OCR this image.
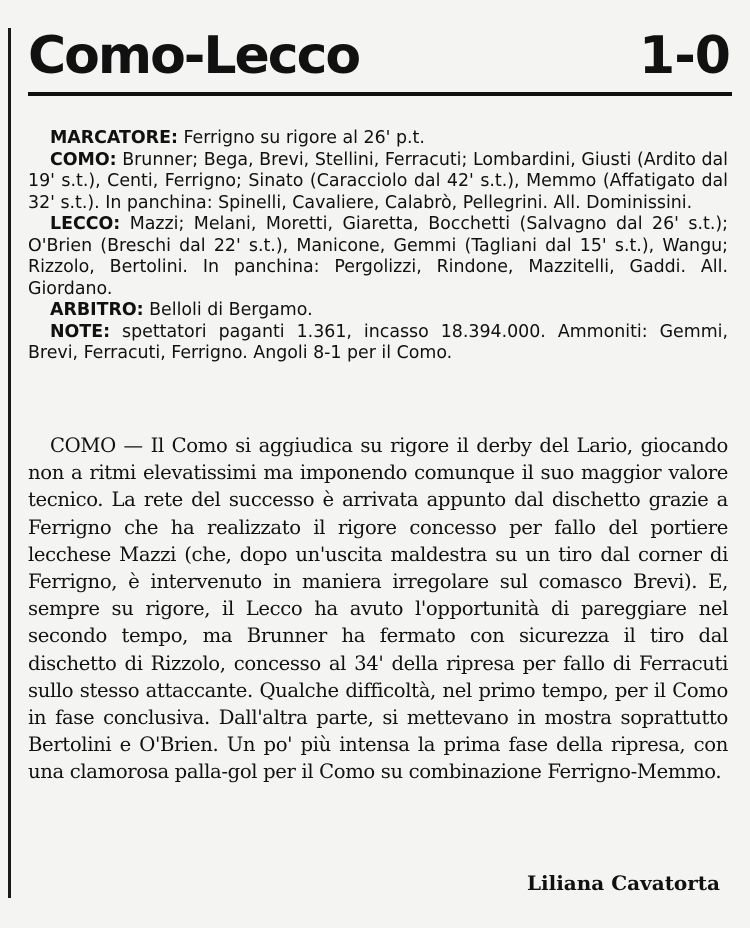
Como-Lecco	1-0

MARCATORE: Ferrigno su rigore al 26' p.t.

COMO: Brunner; Bega, Brevi, Stellini, Ferracuti; Lombardini, Giusti (Ardito dal 19' s.t.), Centi, Ferrigno; Sinato (Caracciolo dal 42' s.t.), Memmo (Affatigato dal 32' s.t.). In panchina: Spinelli, Cavaliere, Calabrò, Pellegrini. All. Dominissini.

LECCO: Mazzi; Melani, Moretti, Giaretta, Bocchetti (Salvagno dal 26' s.t.); O'Brien (Breschi dal 22' s.t.), Manicone, Gemmi (Tagliani dal 15' s.t.), Wangu; Rizzolo, Bertolini. In panchina: Pergolizzi, Rindone, Mazzitelli, Gaddi. All. Giordano.

ARBITRO: Belloli di Bergamo.

NOTE: spettatori paganti 1.361, incasso 18.394.000. Ammoniti: Gemmi, Brevi, Ferracuti, Ferrigno. Angoli 8-1 per il Como.

COMO — Il Como si aggiudica su rigore il derby del Lario, giocando non a ritmi elevatissimi ma imponendo comunque il suo maggior valore tecnico. La rete del successo è arrivata appunto dal dischetto grazie a Ferrigno che ha realizzato il rigore concesso per fallo del portiere lecchese Mazzi (che, dopo un'uscita maldestra su un tiro dal corner di Ferrigno, è intervenuto in maniera irregolare sul comasco Brevi). E, sempre su rigore, il Lecco ha avuto l'opportunità di pareggiare nel secondo tempo, ma Brunner ha fermato con sicurezza il tiro dal dischetto di Rizzolo, concesso al 34' della ripresa per fallo di Ferracuti sullo stesso attaccante. Qualche difficoltà, nel primo tempo, per il Como in fase conclusiva. Dall'altra parte, si mettevano in mostra soprattutto Bertolini e O'Brien. Un po' più intensa la prima fase della ripresa, con una clamorosa palla-gol per il Como su combinazione Ferrigno-Memmo.

Liliana Cavatorta
